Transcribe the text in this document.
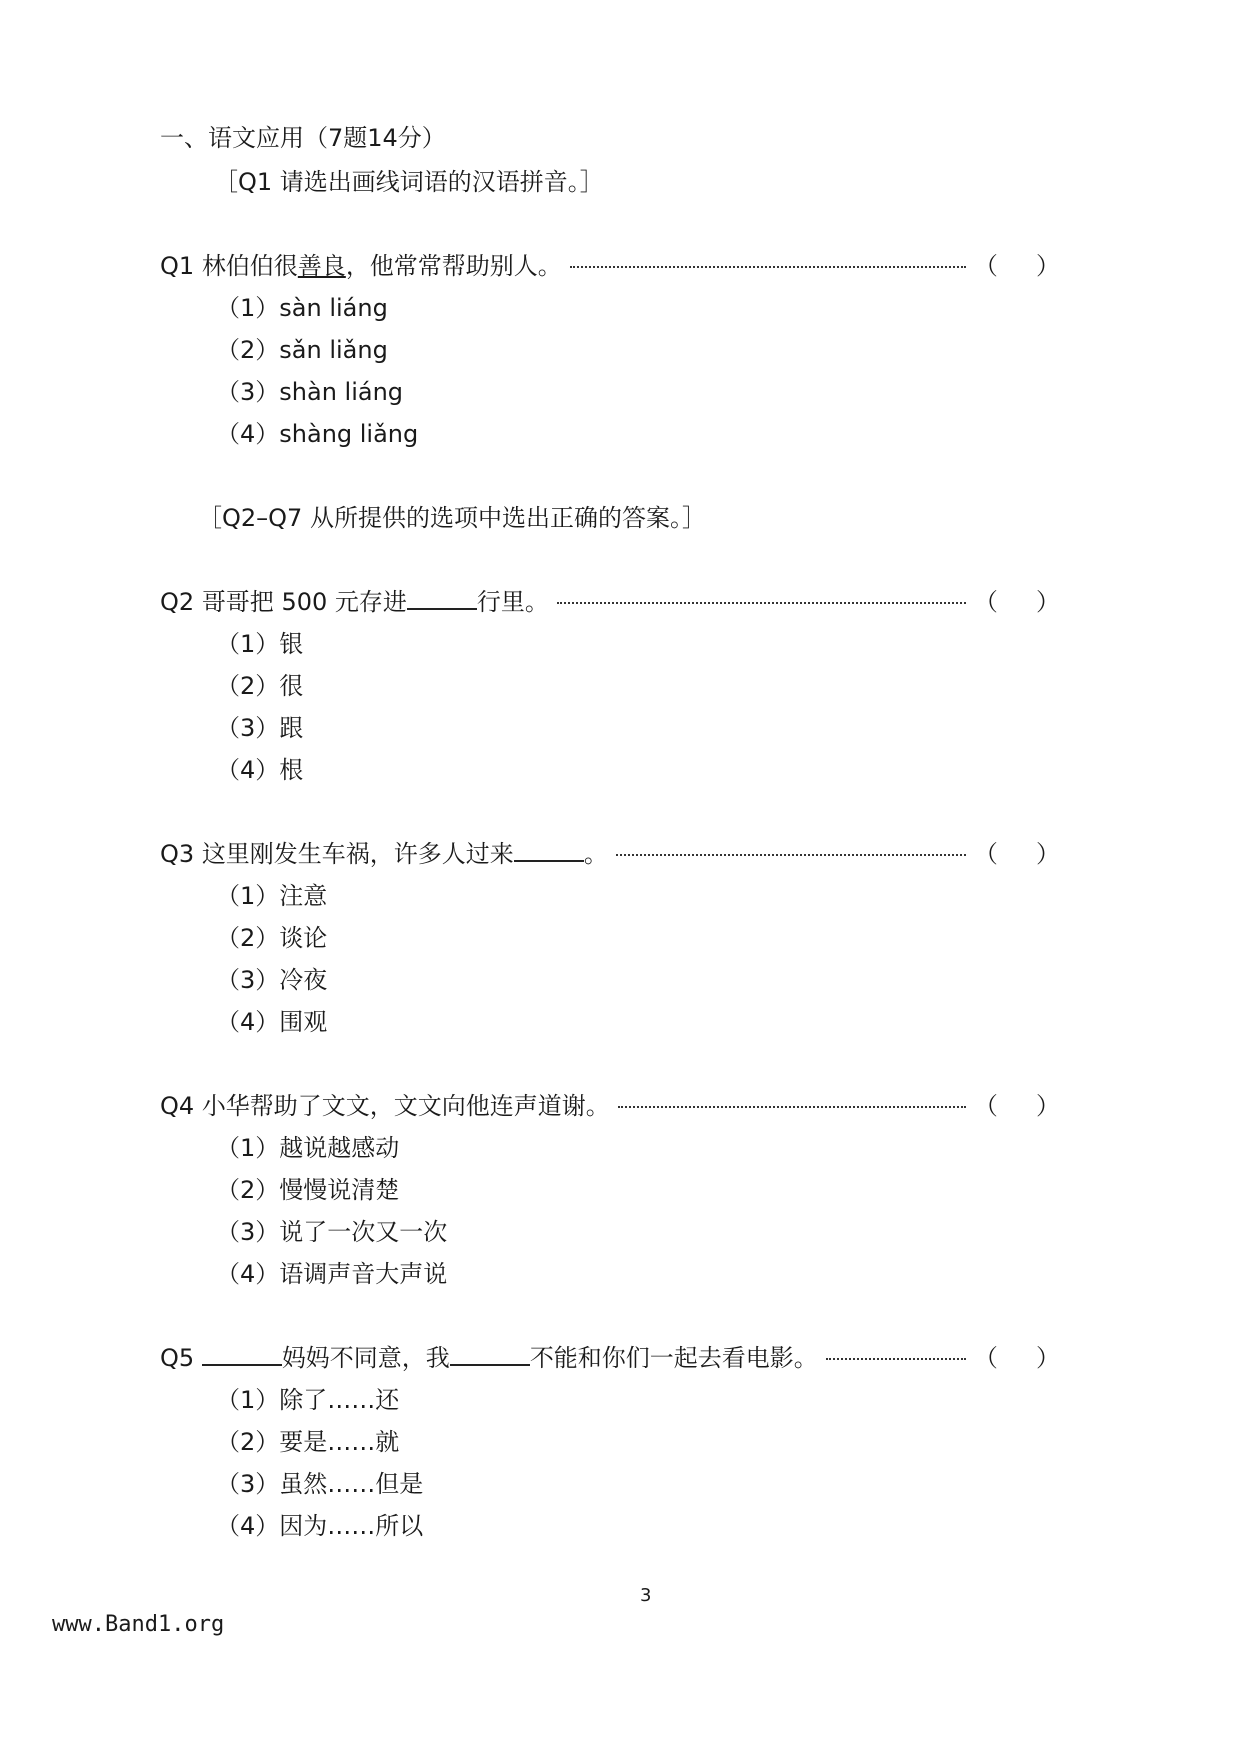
一、语文应用（7题14分）
［Q1 请选出画线词语的汉语拼音。］
Q1 林伯伯很善良，他常常帮助别人。	（     ）
（1）sàn liáng
（2）sǎn liǎng
（3）shàn liáng
（4）shàng liǎng
［Q2–Q7 从所提供的选项中选出正确的答案。］
Q2 哥哥把 500 元存进	行里。	（     ）
（1）银
（2）很
（3）跟
（4）根
Q3 这里刚发生车祸，许多人过来	。	（     ）
（1）注意
（2）谈论
（3）冷夜
（4）围观
Q4 小华帮助了文文，文文向他连声道谢。	（     ）
（1）越说越感动
（2）慢慢说清楚
（3）说了一次又一次
（4）语调声音大声说
Q5	妈妈不同意，我	不能和你们一起去看电影。	（     ）
（1）除了……还
（2）要是……就
（3）虽然……但是
（4）因为……所以
3
www.Band1.org
